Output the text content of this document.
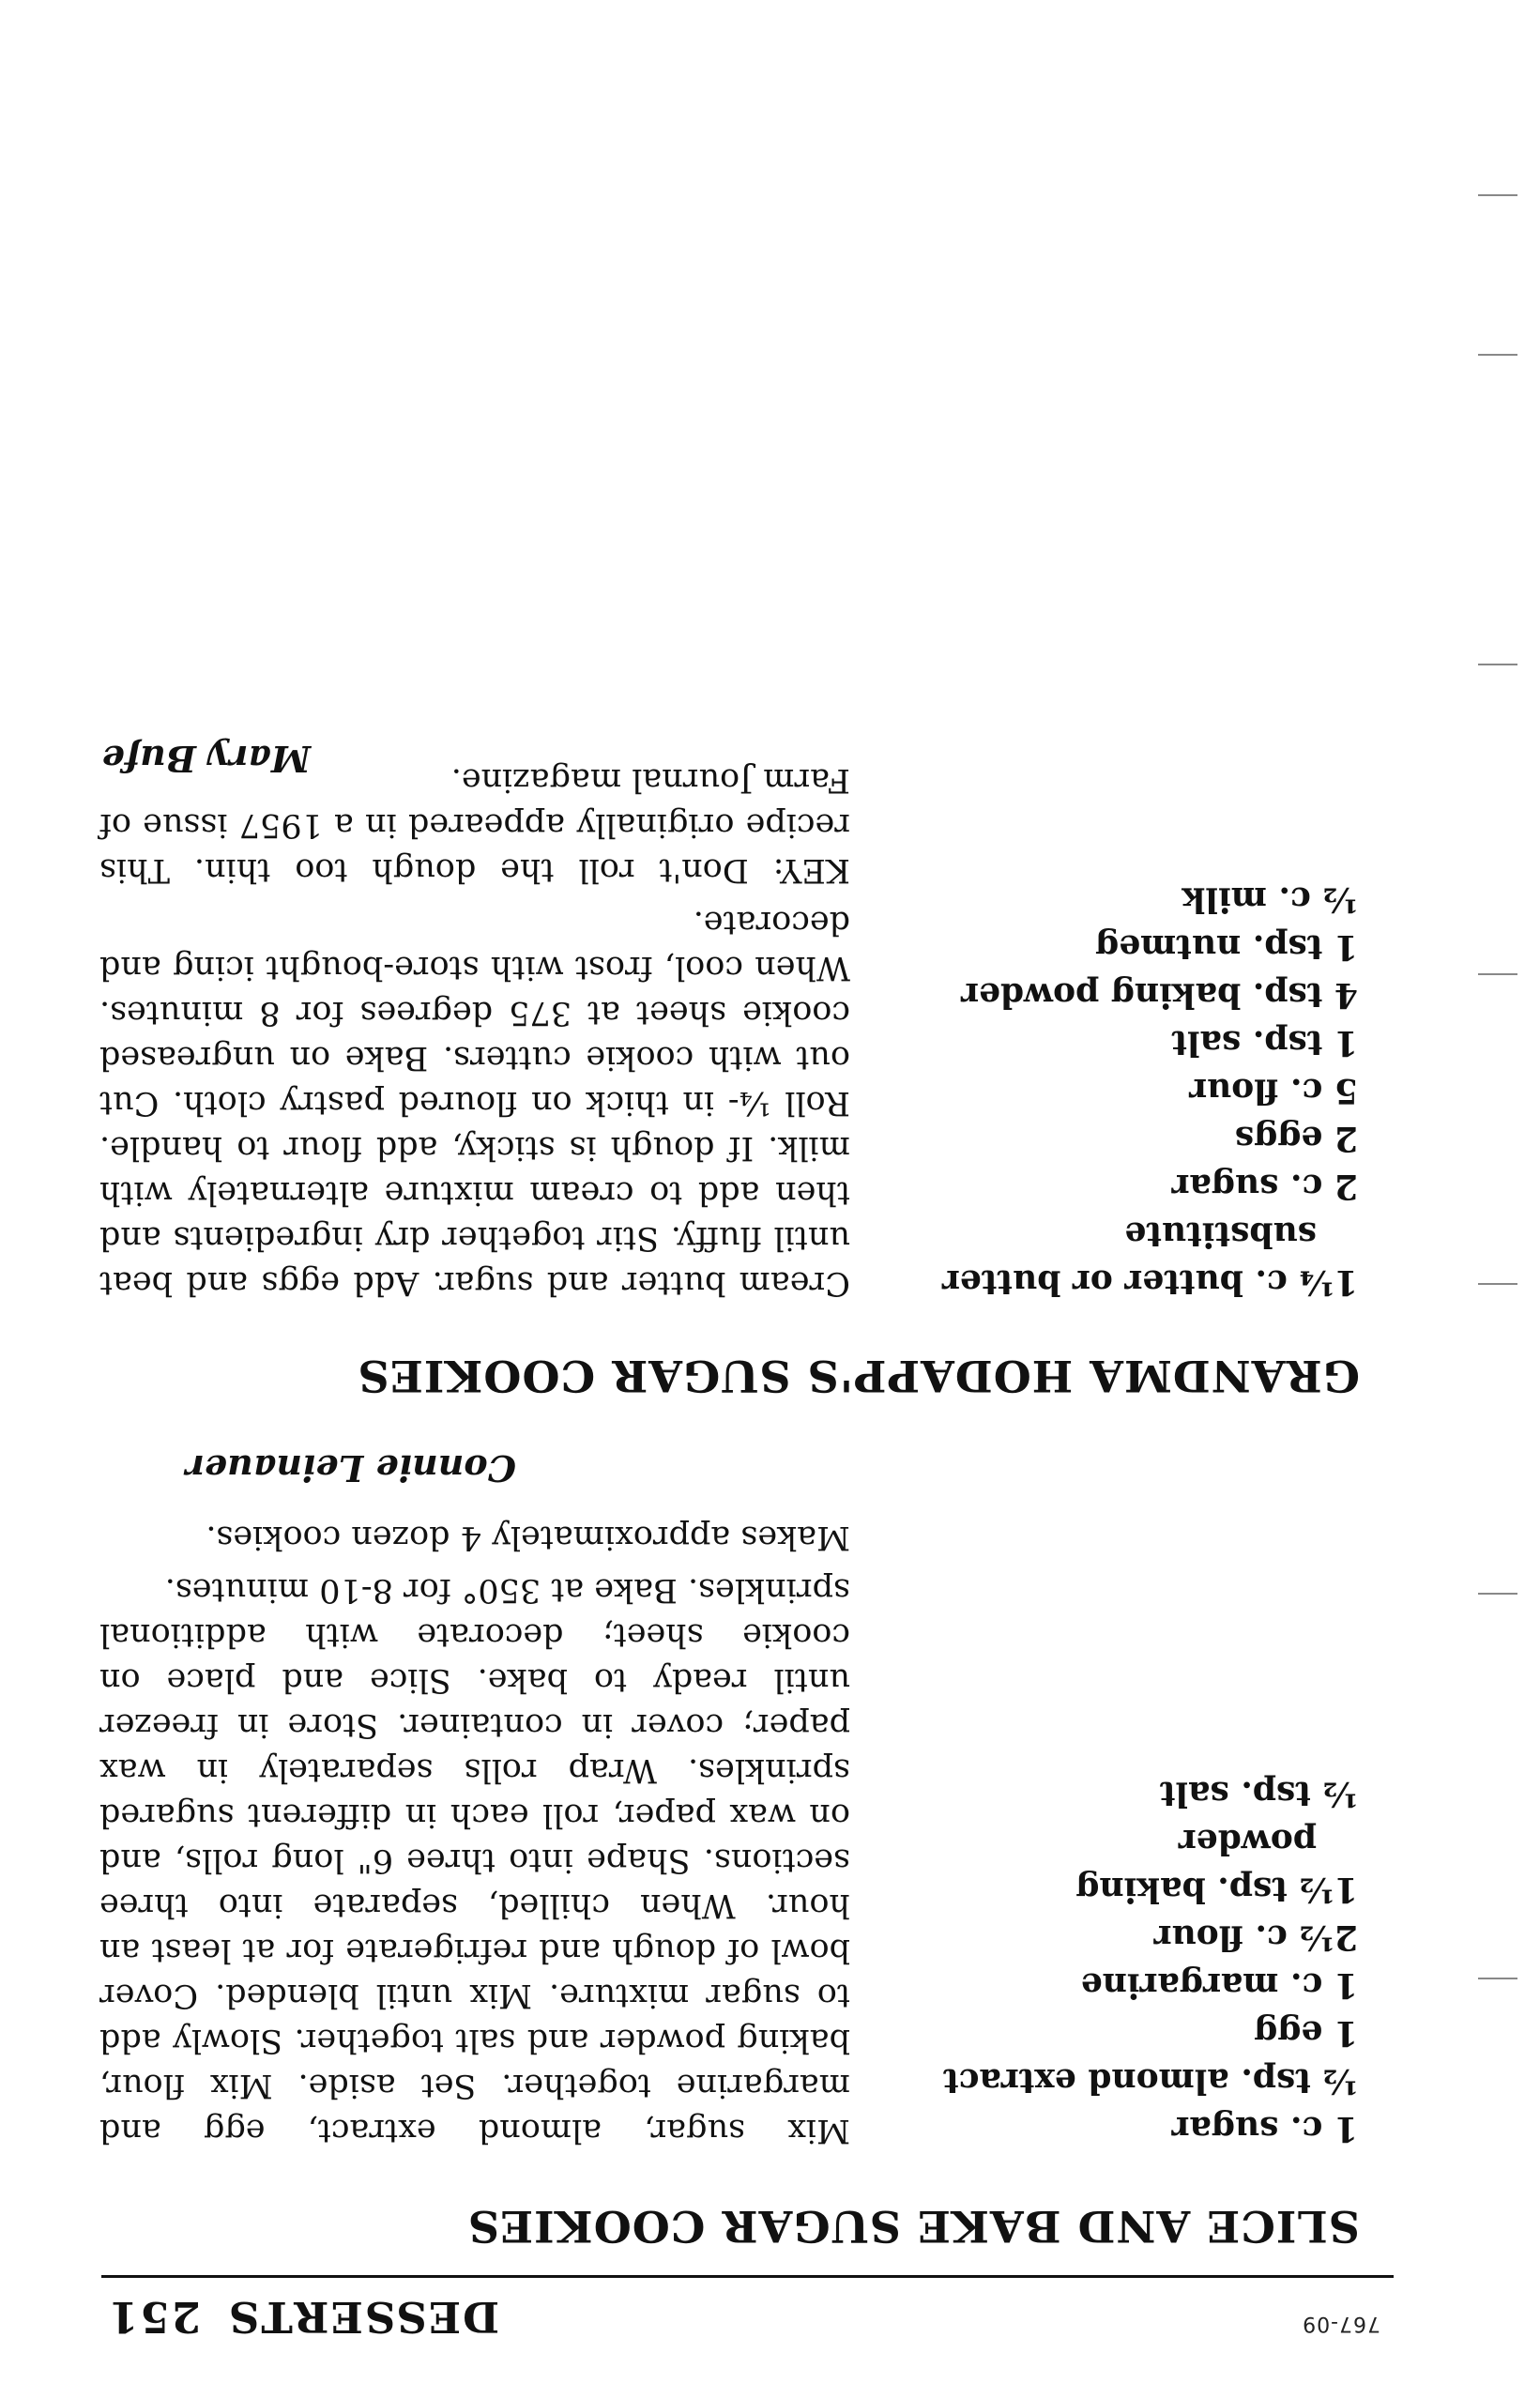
767-09
DESSERTS251
SLICE AND BAKE SUGAR COOKIES
1 c. sugar
½ tsp. almond extract
1 egg
1 c. margarine
2½ c. flour
1½ tsp. baking
powder
½ tsp. salt

Mix sugar, almond extract, egg and margarine together. Set aside. Mix flour, baking powder and salt together. Slowly add to sugar mixture. Mix until blended. Cover bowl of dough and refrigerate for at least an hour. When chilled, separate into three sections. Shape into three 6" long rolls, and on wax paper, roll each in different sugared sprinkles. Wrap rolls separately in wax paper; cover in container. Store in freezer until ready to bake. Slice and place on cookie sheet; decorate with additional sprinkles. Bake at 350° for 8-10 minutes.

Makes approximately 4 dozen cookies.

Connie Leinauer
GRANDMA HODAPP'S SUGAR COOKIES
1¼ c. butter or butter
substitute
2 c. sugar
2 eggs
5 c. flour
1 tsp. salt
4 tsp. baking powder
1 tsp. nutmeg
½ c. milk

Cream butter and sugar. Add eggs and beat until fluffy. Stir together dry ingredients and then add to cream mixture alternately with milk. If dough is sticky, add flour to handle. Roll ¼- in thick on floured pastry cloth. Cut out with cookie cutters. Bake on ungreased cookie sheet at 375 degrees for 8 minutes. When cool, frost with store-bought icing and decorate.

KEY: Don't roll the dough too thin. This recipe originally appeared in a 1957 issue of Farm Journal magazine.

Mary Bufe
